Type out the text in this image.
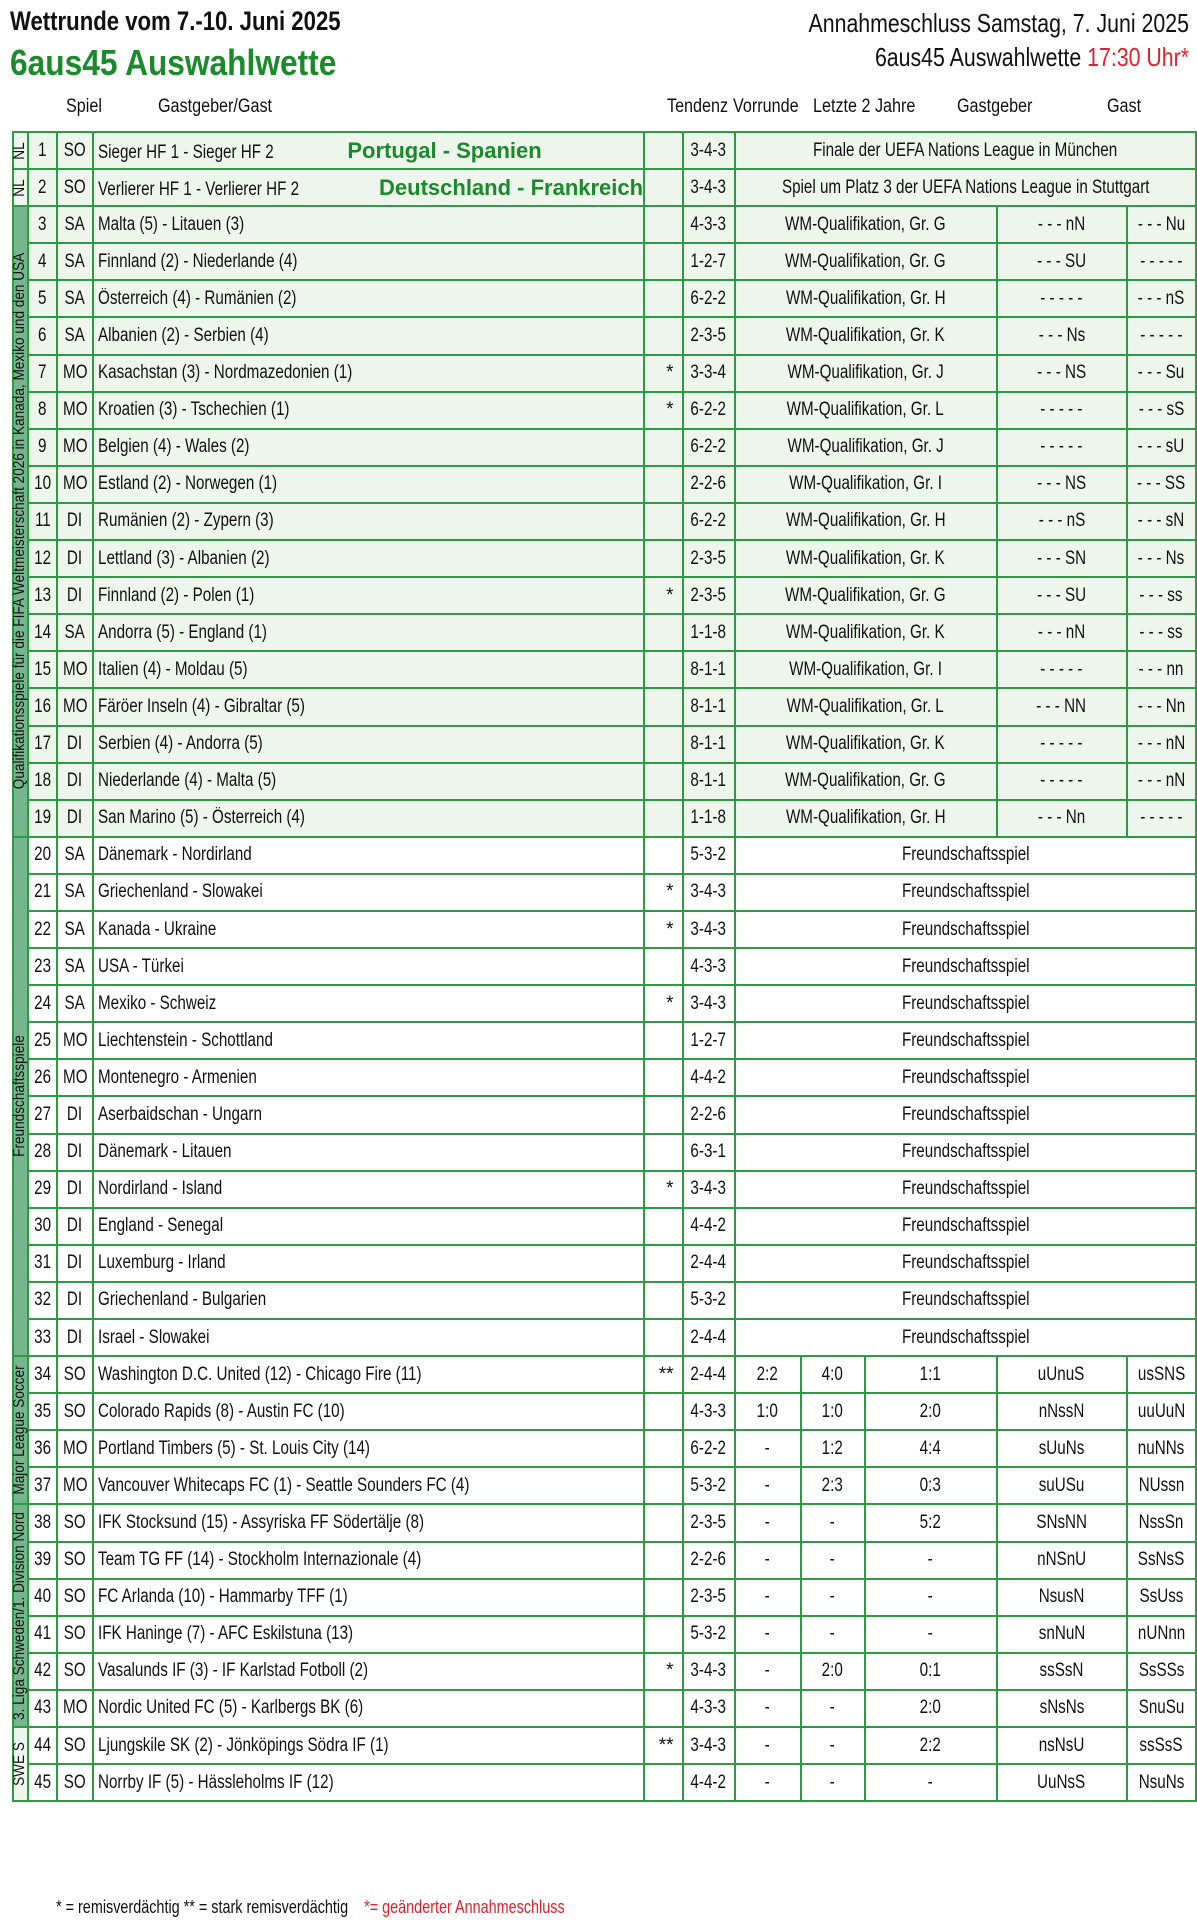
Wettrunde vom 7.-10. Juni 2025
6aus45 Auswahlwette
Annahmeschluss Samstag, 7. Juni 2025
6aus45 Auswahlwette 17:30 Uhr*
Spiel	Gastgeber/Gast	Tendenz Vorrunde Letzte 2 Jahre Gastgeber	Gast
NL	1	SO	Sieger HF 1 - Sieger HF 2 Portugal - Spanien		3-4-3	Finale der UEFA Nations League in München				

NL	2	SO	Verlierer HF 1 - Verlierer HF 2 Deutschland - Frankreich		3-4-3	Spiel um Platz 3 der UEFA Nations League in Stuttgart				

Qualifikationsspiele für die FIFA Weltmeisterschaft 2026 in Kanada, Mexiko und den USA	3	SA	Malta (5) - Litauen (3)		4-3-3	WM-Qualifikation, Gr. G			- - - nN	- - - Nu
	4	SA	Finnland (2) - Niederlande (4)		1-2-7	WM-Qualifikation, Gr. G			- - - SU	- - - - -
	5	SA	Österreich (4) - Rumänien (2)		6-2-2	WM-Qualifikation, Gr. H			- - - - -	- - - nS
	6	SA	Albanien (2) - Serbien (4)		2-3-5	WM-Qualifikation, Gr. K			- - - Ns	- - - - -
	7	MO	Kasachstan (3) - Nordmazedonien (1)	*	3-3-4	WM-Qualifikation, Gr. J			- - - NS	- - - Su
	8	MO	Kroatien (3) - Tschechien (1)	*	6-2-2	WM-Qualifikation, Gr. L			- - - - -	- - - sS
	9	MO	Belgien (4) - Wales (2)		6-2-2	WM-Qualifikation, Gr. J			- - - - -	- - - sU
	10	MO	Estland (2) - Norwegen (1)		2-2-6	WM-Qualifikation, Gr. I			- - - NS	- - - SS
	11	DI	Rumänien (2) - Zypern (3)		6-2-2	WM-Qualifikation, Gr. H			- - - nS	- - - sN
	12	DI	Lettland (3) - Albanien (2)		2-3-5	WM-Qualifikation, Gr. K			- - - SN	- - - Ns
	13	DI	Finnland (2) - Polen (1)	*	2-3-5	WM-Qualifikation, Gr. G			- - - SU	- - - ss
	14	SA	Andorra (5) - England (1)		1-1-8	WM-Qualifikation, Gr. K			- - - nN	- - - ss
	15	MO	Italien (4) - Moldau (5)		8-1-1	WM-Qualifikation, Gr. I			- - - - -	- - - nn
	16	MO	Färöer Inseln (4) - Gibraltar (5)		8-1-1	WM-Qualifikation, Gr. L			- - - NN	- - - Nn
	17	DI	Serbien (4) - Andorra (5)		8-1-1	WM-Qualifikation, Gr. K			- - - - -	- - - nN
	18	DI	Niederlande (4) - Malta (5)		8-1-1	WM-Qualifikation, Gr. G			- - - - -	- - - nN
	19	DI	San Marino (5) - Österreich (4)		1-1-8	WM-Qualifikation, Gr. H			- - - Nn	- - - - -

Freundschaftsspiele	20	SA	Dänemark - Nordirland		5-3-2	Freundschaftsspiel				
	21	SA	Griechenland - Slowakei	*	3-4-3	Freundschaftsspiel				
	22	SA	Kanada - Ukraine	*	3-4-3	Freundschaftsspiel				
	23	SA	USA - Türkei		4-3-3	Freundschaftsspiel				
	24	SA	Mexiko - Schweiz	*	3-4-3	Freundschaftsspiel				
	25	MO	Liechtenstein - Schottland		1-2-7	Freundschaftsspiel				
	26	MO	Montenegro - Armenien		4-4-2	Freundschaftsspiel				
	27	DI	Aserbaidschan - Ungarn		2-2-6	Freundschaftsspiel				
	28	DI	Dänemark - Litauen		6-3-1	Freundschaftsspiel				
	29	DI	Nordirland - Island	*	3-4-3	Freundschaftsspiel				
	30	DI	England - Senegal		4-4-2	Freundschaftsspiel				
	31	DI	Luxemburg - Irland		2-4-4	Freundschaftsspiel				
	32	DI	Griechenland - Bulgarien		5-3-2	Freundschaftsspiel				
	33	DI	Israel - Slowakei		2-4-4	Freundschaftsspiel				

Major League Soccer	34	SO	Washington D.C. United (12) - Chicago Fire (11)	**	2-4-4	2:2	4:0	1:1	uUnuS	usSNS
	35	SO	Colorado Rapids (8) - Austin FC (10)		4-3-3	1:0	1:0	2:0	nNssN	uuUuN
	36	MO	Portland Timbers (5) - St. Louis City (14)		6-2-2	-	1:2	4:4	sUuNs	nuNNs
	37	MO	Vancouver Whitecaps FC (1) - Seattle Sounders FC (4)		5-3-2	-	2:3	0:3	suUSu	NUssn

3. Liga Schweden/1. Division Nord	38	SO	IFK Stocksund (15) - Assyriska FF Södertälje (8)		2-3-5	-	-	5:2	SNsNN	NssSn
	39	SO	Team TG FF (14) - Stockholm Internazionale (4)		2-2-6	-	-	-	nNSnU	SsNsS
	40	SO	FC Arlanda (10) - Hammarby TFF (1)		2-3-5	-	-	-	NsusN	SsUss
	41	SO	IFK Haninge (7) - AFC Eskilstuna (13)		5-3-2	-	-	-	snNuN	nUNnn
	42	SO	Vasalunds IF (3) - IF Karlstad Fotboll (2)	*	3-4-3	-	2:0	0:1	ssSsN	SsSSs
	43	MO	Nordic United FC (5) - Karlbergs BK (6)		4-3-3	-	-	2:0	sNsNs	SnuSu

SWE S	44	SO	Ljungskile SK (2) - Jönköpings Södra IF (1)	**	3-4-3	-	-	2:2	nsNsU	ssSsS
	45	SO	Norrby IF (5) - Hässleholms IF (12)		4-4-2	-	-	-	UuNsS	NsuNs
* = remisverdächtig ** = stark remisverdächtig *= geänderter Annahmeschluss
